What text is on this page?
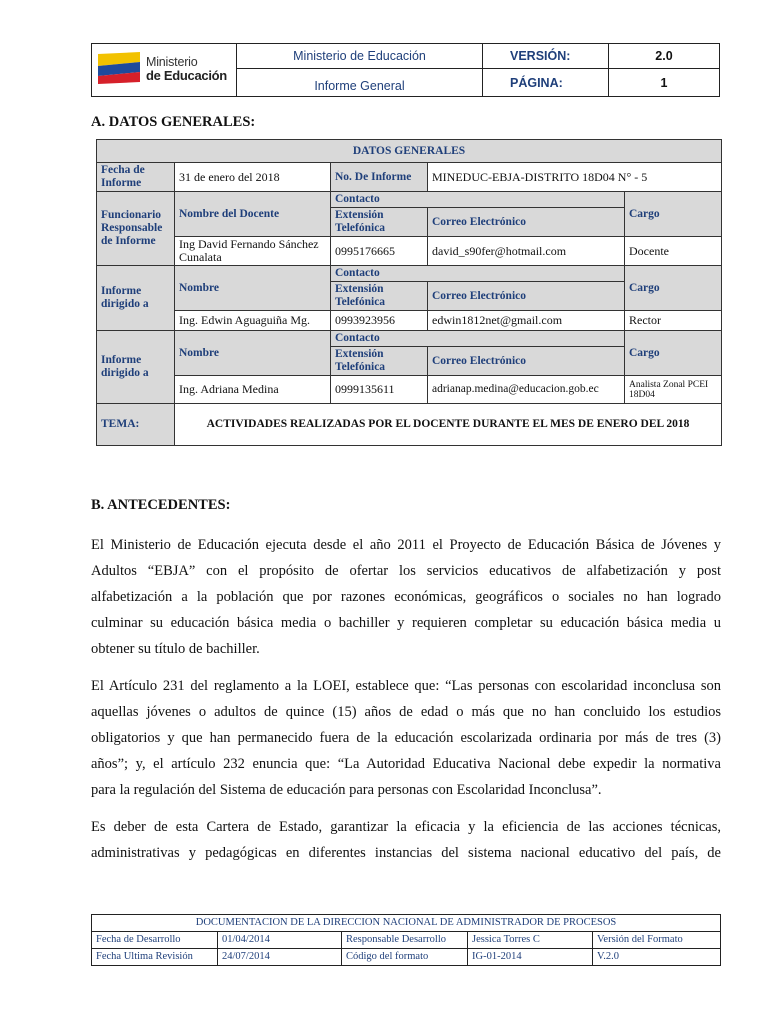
Ministerio
de Educación	Ministerio de Educación	VERSIÓN:	2.0
	Informe General	PÁGINA:	1
A. DATOS GENERALES:
DATOS GENERALES				
Fecha de Informe	31 de enero del 2018	No. De Informe	MINEDUC-EBJA-DISTRITO 18D04 N° - 5	
Funcionario Responsable de Informe	Nombre del Docente	Contacto		Cargo
		Extensión Telefónica	Correo Electrónico	
	Ing David Fernando Sánchez Cunalata	0995176665	david_s90fer@hotmail.com	Docente
Informe dirigido a	Nombre	Contacto		Cargo
		Extensión Telefónica	Correo Electrónico	
	Ing. Edwin Aguaguiña Mg.	0993923956	edwin1812net@gmail.com	Rector
Informe dirigido a	Nombre	Contacto		Cargo
		Extensión Telefónica	Correo Electrónico	
	Ing. Adriana Medina	0999135611	adrianap.medina@educacion.gob.ec	Analista Zonal PCEI 18D04
TEMA:	ACTIVIDADES REALIZADAS POR EL DOCENTE DURANTE EL MES DE ENERO DEL 2018			
B. ANTECEDENTES:
El Ministerio de Educación ejecuta desde el año 2011 el Proyecto de Educación Básica de Jóvenes y
Adultos “EBJA” con el propósito de ofertar los servicios educativos de alfabetización y post
alfabetización a la población que por razones económicas, geográficos o sociales no han logrado
culminar su educación básica media o bachiller y requieren completar su educación básica media u
obtener su título de bachiller.
El Artículo 231 del reglamento a la LOEI, establece que: “Las personas con escolaridad inconclusa son
aquellas jóvenes o adultos de quince (15) años de edad o más que no han concluido los estudios
obligatorios y que han permanecido fuera de la educación escolarizada ordinaria por más de tres (3)
años”; y, el artículo 232 enuncia que: “La Autoridad Educativa Nacional debe expedir la normativa
para la regulación del Sistema de educación para personas con Escolaridad Inconclusa”.
Es deber de esta Cartera de Estado, garantizar la eficacia y la eficiencia de las acciones técnicas,
administrativas y pedagógicas en diferentes instancias del sistema nacional educativo del país, de
DOCUMENTACION DE LA DIRECCION NACIONAL DE ADMINISTRADOR DE PROCESOS				
Fecha de Desarrollo	01/04/2014	Responsable Desarrollo	Jessica Torres C	Versión del Formato
Fecha Ultima Revisión	24/07/2014	Código del formato	IG-01-2014	V.2.0
